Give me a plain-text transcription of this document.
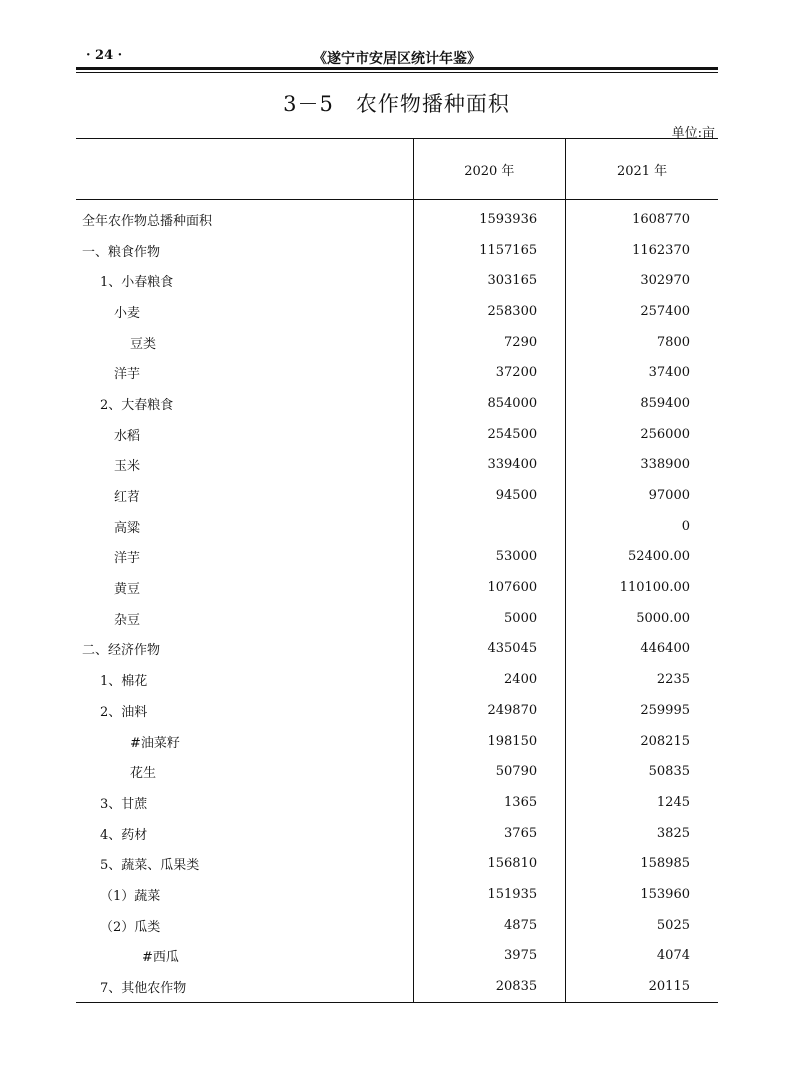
· 24 ·	《遂宁市安居区统计年鉴》
3－5　农作物播种面积
单位:亩
	2020 年	2021 年
全年农作物总播种面积	1593936	1608770
一、粮食作物	1157165	1162370
1、小春粮食	303165	302970
小麦	258300	257400
豆类	7290	7800
洋芋	37200	37400
2、大春粮食	854000	859400
水稻	254500	256000
玉米	339400	338900
红苕	94500	97000
高粱		0
洋芋	53000	52400.00
黄豆	107600	110100.00
杂豆	5000	5000.00
二、经济作物	435045	446400
1、棉花	2400	2235
2、油料	249870	259995
#油菜籽	198150	208215
花生	50790	50835
3、甘蔗	1365	1245
4、药材	3765	3825
5、蔬菜、瓜果类	156810	158985
（1）蔬菜	151935	153960
（2）瓜类	4875	5025
#西瓜	3975	4074
7、其他农作物	20835	20115
